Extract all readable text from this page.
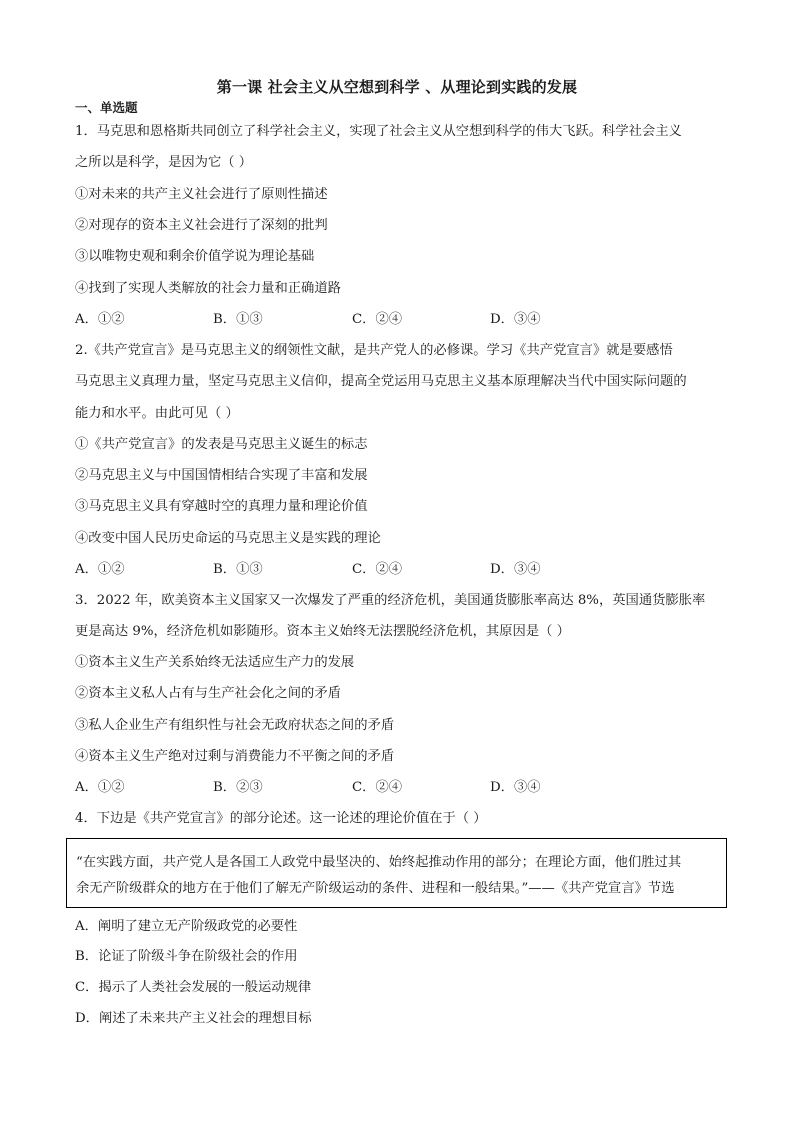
第一课 社会主义从空想到科学 、从理论到实践的发展
一、单选题
1．马克思和恩格斯共同创立了科学社会主义，实现了社会主义从空想到科学的伟大飞跃。科学社会主义
之所以是科学，是因为它（ ）
①对未来的共产主义社会进行了原则性描述
②对现存的资本主义社会进行了深刻的批判
③以唯物史观和剩余价值学说为理论基础
④找到了实现人类解放的社会力量和正确道路
A．①②	B．①③	C．②④	D．③④
2.《共产党宣言》是马克思主义的纲领性文献，是共产党人的必修课。学习《共产党宣言》就是要感悟
马克思主义真理力量，坚定马克思主义信仰，提高全党运用马克思主义基本原理解决当代中国实际问题的
能力和水平。由此可见（ ）
①《共产党宣言》的发表是马克思主义诞生的标志
②马克思主义与中国国情相结合实现了丰富和发展
③马克思主义具有穿越时空的真理力量和理论价值
④改变中国人民历史命运的马克思主义是实践的理论
A．①②	B．①③	C．②④	D．③④
3．2022 年，欧美资本主义国家又一次爆发了严重的经济危机，美国通货膨胀率高达 8%，英国通货膨胀率
更是高达 9%，经济危机如影随形。资本主义始终无法摆脱经济危机，其原因是（ ）
①资本主义生产关系始终无法适应生产力的发展
②资本主义私人占有与生产社会化之间的矛盾
③私人企业生产有组织性与社会无政府状态之间的矛盾
④资本主义生产绝对过剩与消费能力不平衡之间的矛盾
A．①②	B．②③	C．②④	D．③④
4．下边是《共产党宣言》的部分论述。这一论述的理论价值在于（ ）
“在实践方面，共产党人是各国工人政党中最坚决的、始终起推动作用的部分；在理论方面，他们胜过其
余无产阶级群众的地方在于他们了解无产阶级运动的条件、进程和一般结果。”——《共产党宣言》节选
A．阐明了建立无产阶级政党的必要性
B．论证了阶级斗争在阶级社会的作用
C．揭示了人类社会发展的一般运动规律
D．阐述了未来共产主义社会的理想目标
